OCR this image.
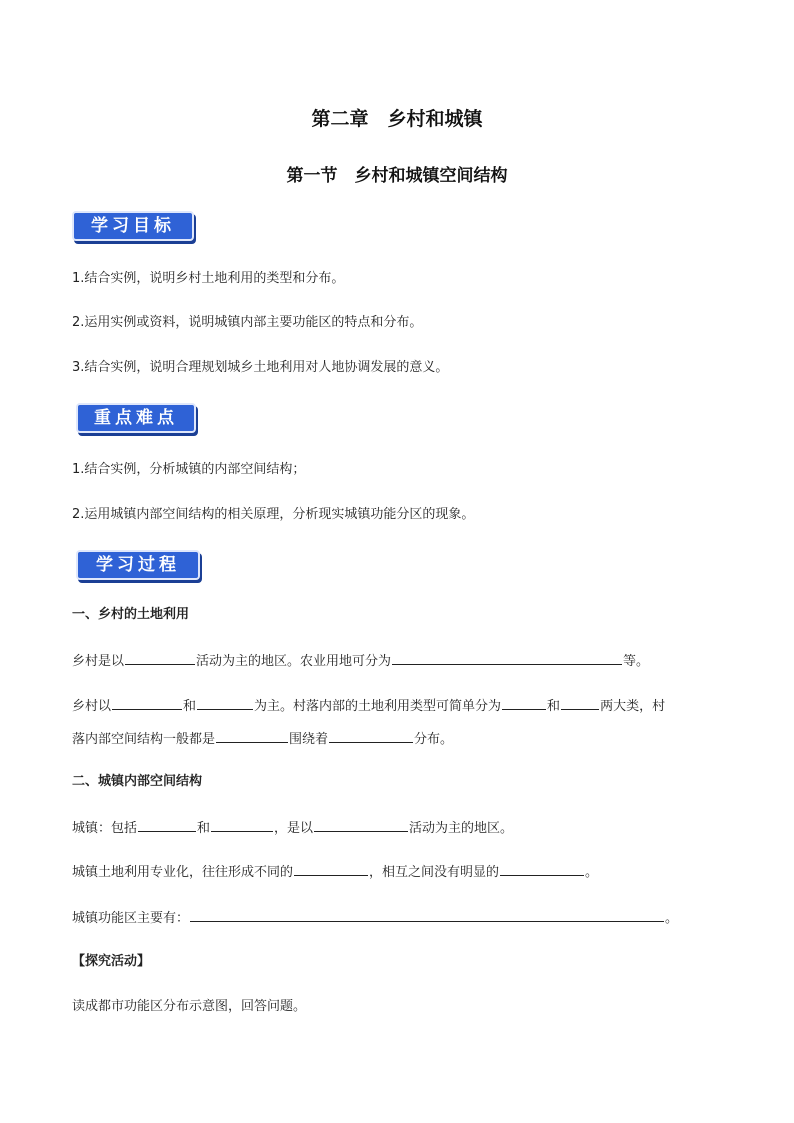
第二章　乡村和城镇
第一节　乡村和城镇空间结构
学习目标
1.结合实例，说明乡村土地利用的类型和分布。
2.运用实例或资料，说明城镇内部主要功能区的特点和分布。
3.结合实例，说明合理规划城乡土地利用对人地协调发展的意义。
重点难点
1.结合实例，分析城镇的内部空间结构；
2.运用城镇内部空间结构的相关原理，分析现实城镇功能分区的现象。
学习过程
一、乡村的土地利用
乡村是以	活动为主的地区。农业用地可分为	等。
乡村以	和	为主。村落内部的土地利用类型可简单分为	和	两大类，村
落内部空间结构一般都是	围绕着	分布。
二、城镇内部空间结构
城镇：包括	和	，是以	活动为主的地区。
城镇土地利用专业化，往往形成不同的	，相互之间没有明显的	。
城镇功能区主要有：	。
【探究活动】
读成都市功能区分布示意图，回答问题。
